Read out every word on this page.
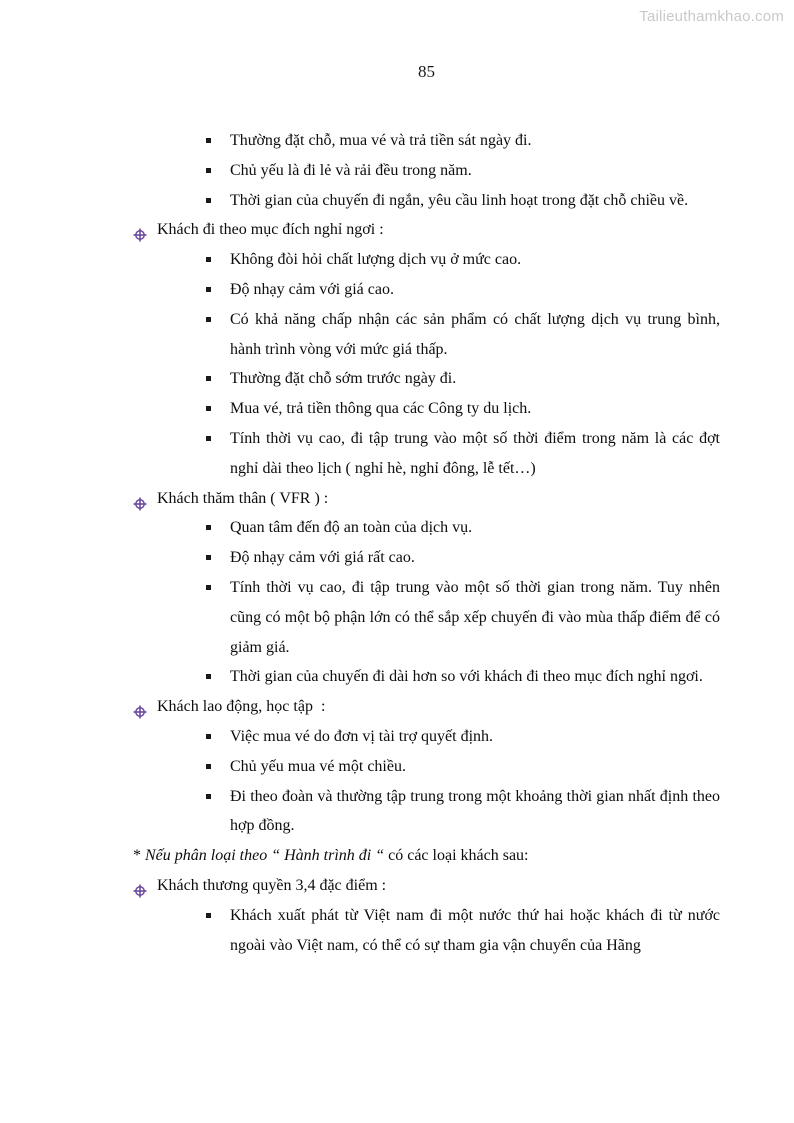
Tailieuthamkhao.com
85
Thường đặt chỗ, mua vé và trả tiền sát ngày đi.
Chủ yếu là đi lẻ và rải đều trong năm.
Thời gian của chuyến đi ngắn, yêu cầu linh hoạt trong đặt chỗ chiều về.
Khách đi theo mục đích nghỉ ngơi :
Không đòi hỏi chất lượng dịch vụ ở mức cao.
Độ nhạy cảm với giá cao.
Có khả năng chấp nhận các sản phẩm có chất lượng dịch vụ trung bình, hành trình vòng với mức giá thấp.
Thường đặt chỗ sớm trước ngày đi.
Mua vé, trả tiền thông qua các Công ty du lịch.
Tính thời vụ cao, đi tập trung vào một số thời điểm trong năm là các đợt nghỉ dài theo lịch ( nghỉ hè, nghỉ đông, lễ tết…)
Khách thăm thân ( VFR ) :
Quan tâm đến độ an toàn của dịch vụ.
Độ nhạy cảm với giá rất cao.
Tính thời vụ cao, đi tập trung vào một số thời gian trong năm. Tuy nhên cũng có một bộ phận lớn có thể sắp xếp chuyến đi vào mùa thấp điểm để có giảm giá.
Thời gian của chuyến đi dài hơn so với khách đi theo mục đích nghỉ ngơi.
Khách lao động, học tập  :
Việc mua vé do đơn vị tài trợ quyết định.
Chủ yếu mua vé một chiều.
Đi theo đoàn và thường tập trung trong một khoảng thời gian nhất định theo hợp đồng.
* Nếu phân loại theo “ Hành trình đi “ có các loại khách sau:
Khách thương quyền 3,4 đặc điểm :
Khách xuất phát từ Việt nam đi một nước thứ hai hoặc khách đi từ nước ngoài vào Việt nam, có thể có sự tham gia vận chuyển của Hãng
